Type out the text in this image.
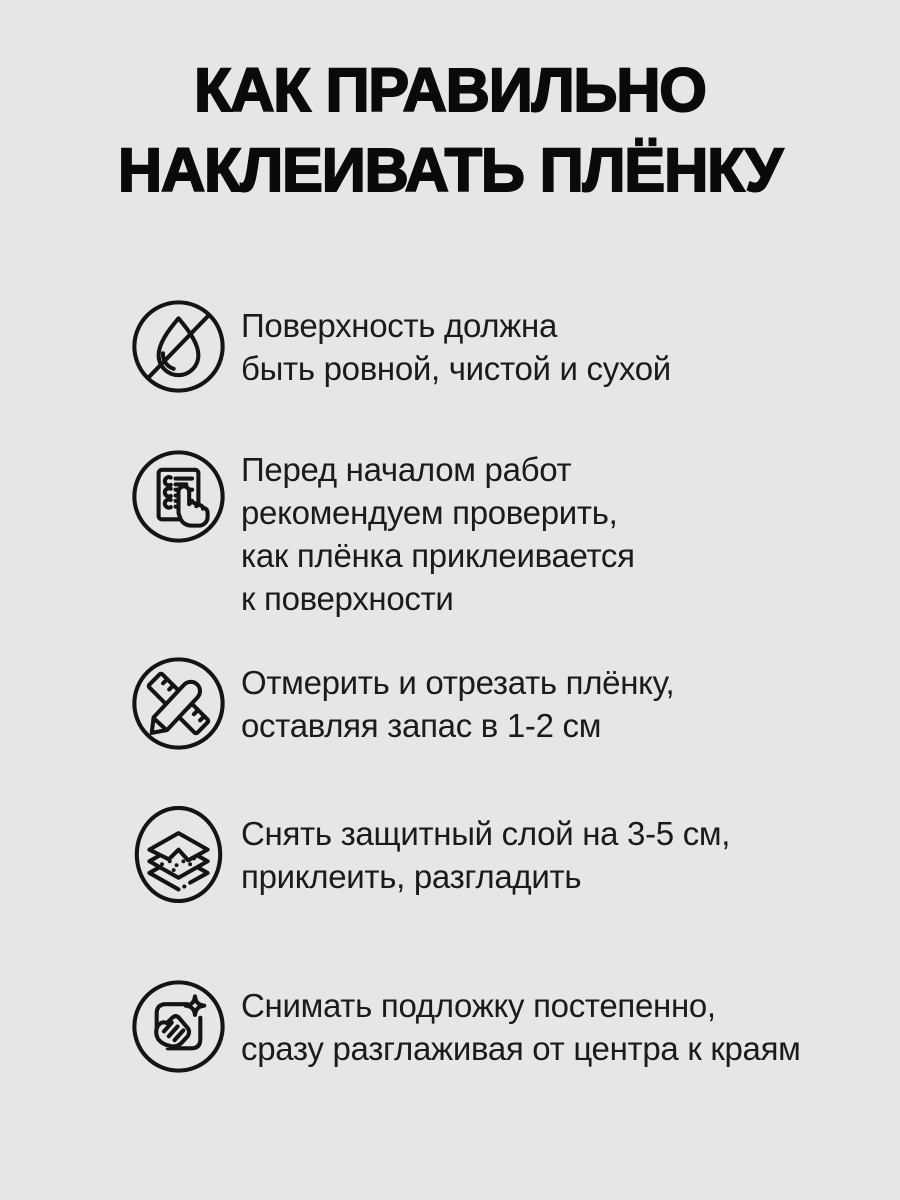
КАК ПРАВИЛЬНО
НАКЛЕИВАТЬ ПЛЁНКУ
Поверхность должна
быть ровной, чистой и сухой
Перед началом работ
рекомендуем проверить,
как плёнка приклеивается
к поверхности
Отмерить и отрезать плёнку,
оставляя запас в 1-2 см
Снять защитный слой на 3-5 см,
приклеить, разгладить
Снимать подложку постепенно,
сразу разглаживая от центра к краям
